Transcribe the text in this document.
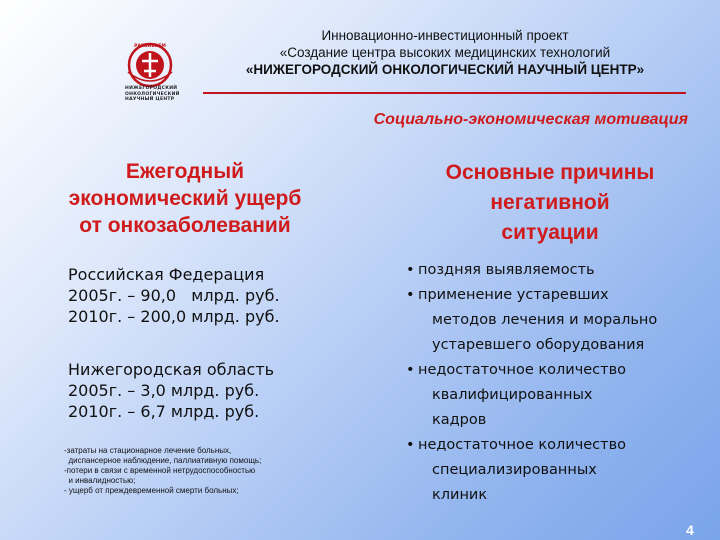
РАЗВИВАЕМ
НИЖЕГОРОДСКИЙ
ОНКОЛОГИЧЕСКИЙ
НАУЧНЫЙ ЦЕНТР
Инновационно-инвестиционный проект
«Создание центра высоких медицинских технологий
«НИЖЕГОРОДСКИЙ ОНКОЛОГИЧЕСКИЙ НАУЧНЫЙ ЦЕНТР»
Социально-экономическая мотивация
Ежегодный
экономический ущерб
от онкозаболеваний
Российская Федерация
2005г. – 90,0   млрд. руб.
2010г. – 200,0 млрд. руб.
Нижегородская область
2005г. – 3,0 млрд. руб.
2010г. – 6,7 млрд. руб.
-затраты на стационарное лечение больных,
диспансерное наблюдение, паллиативную помощь;
-потери в связи с временной нетрудоспособностью
и инвалидностью;
- ущерб от преждевременной смерти больных;
Основные причины
негативной
ситуации
• поздняя выявляемость
• применение устаревших
методов лечения и морально
устаревшего оборудования
• недостаточное количество
квалифицированных
кадров
• недостаточное количество
специализированных
клиник
4
